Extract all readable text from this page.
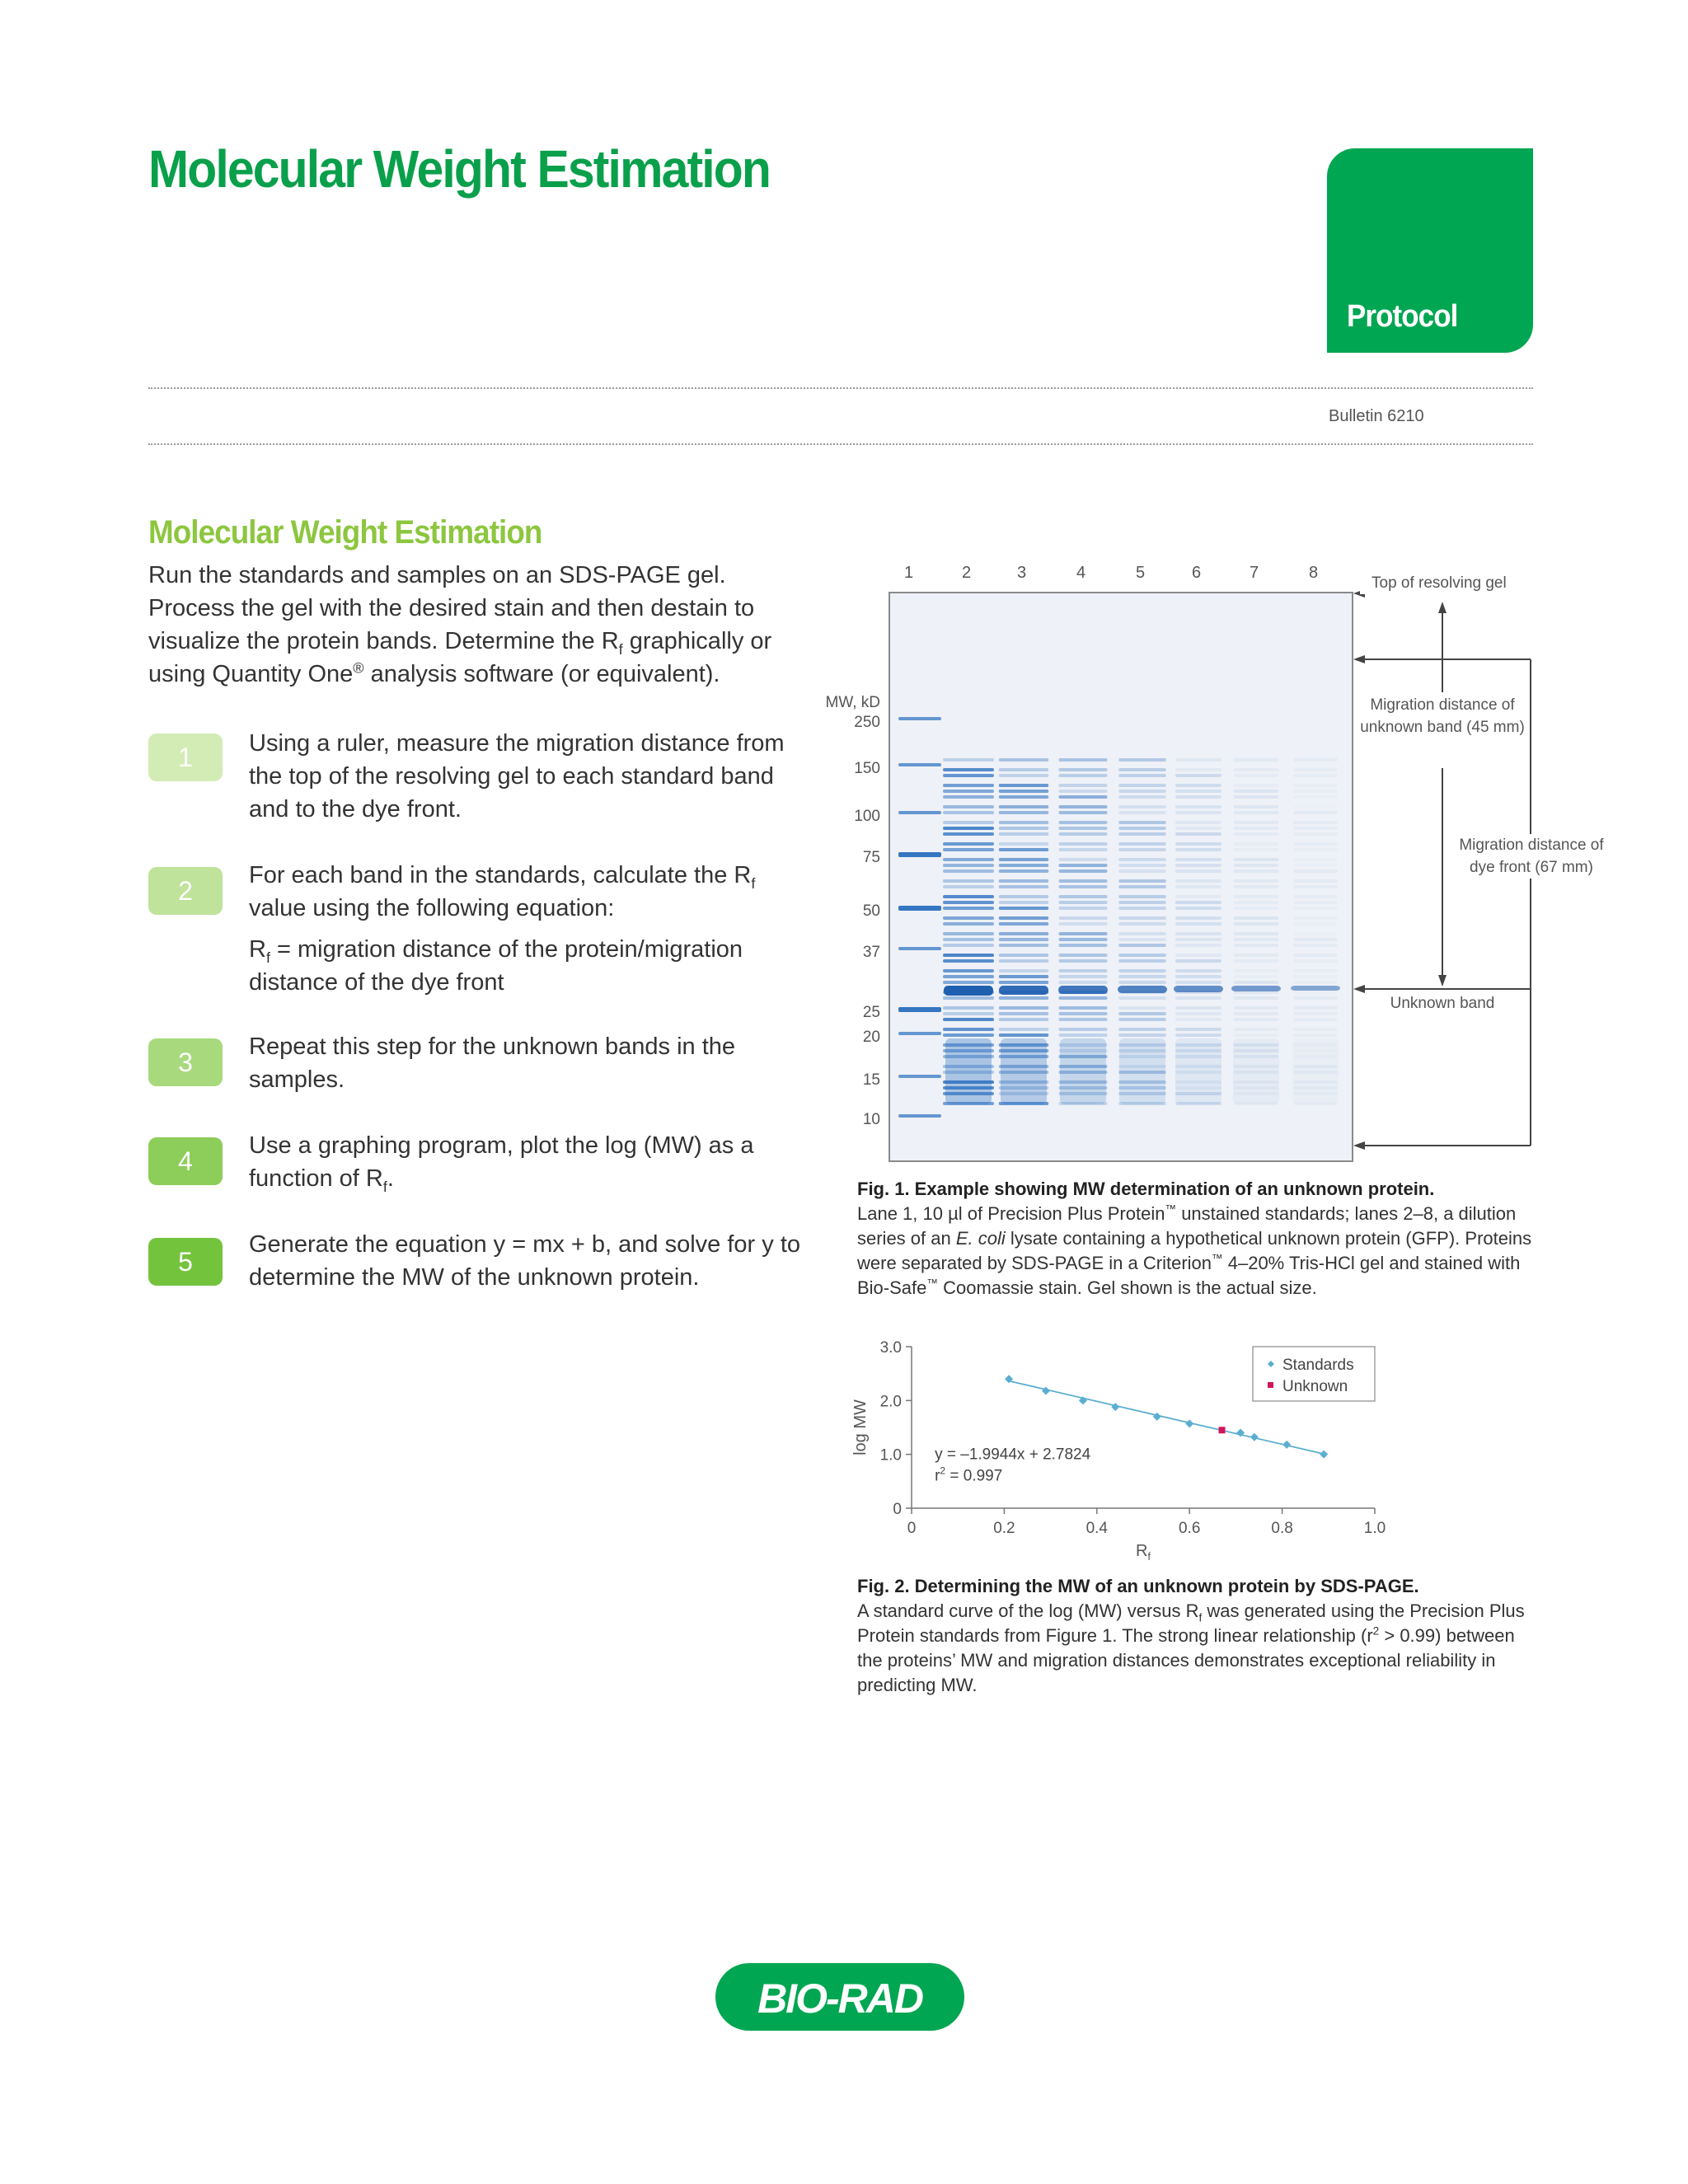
Molecular Weight Estimation
Protocol
Bulletin 6210
Molecular Weight Estimation
Run the standards and samples on an SDS-PAGE gel. Process the gel with the desired stain and then destain to visualize the protein bands. Determine the $R_f$ graphically or using Quantity One® analysis software (or equivalent).
1	Using a ruler, measure the migration distance from the top of the resolving gel to each standard band and to the dye front.
2
For each band in the standards, calculate the $R_f$ value using the following equation:
$R_f$ = migration distance of the protein/migration distance of the dye front
3
Repeat this step for the unknown bands in the samples.
4
Use a graphing program, plot the log (MW) as a function of $R_f$.
5
Generate the equation y = mx + b, and solve for y to determine the MW of the unknown protein.
1	2	3	4	5	6	7	8
MW, kD
250
150
100
75
50
37
25
20
15
10
Top of resolving gel
Migration distance of unknown band (45 mm)
Migration distance of dye front (67 mm)
Unknown band
Fig. 1. Example showing MW determination of an unknown protein.
Lane 1, 10 µl of Precision Plus Protein™ unstained standards; lanes 2–8, a dilution series of an E. coli lysate containing a hypothetical unknown protein (GFP). Proteins were separated by SDS-PAGE in a Criterion™ 4–20% Tris-HCl gel and stained with Bio-Safe™ Coomassie stain. Gel shown is the actual size.
0	0.2	0.4	0.6	0.8	1.0
0
1.0
2.0
3.0
$R_f$
log MW	y = –1.9944x + 2.7824
$r^2 = 0.997$
Standards
Unknown
Fig. 2. Determining the MW of an unknown protein by SDS-PAGE.
A standard curve of the log (MW) versus $R_f$ was generated using the Precision Plus Protein standards from Figure 1. The strong linear relationship $(r^2 > 0.99)$ between the proteins’ MW and migration distances demonstrates exceptional reliability in predicting MW.
BIO-RAD
